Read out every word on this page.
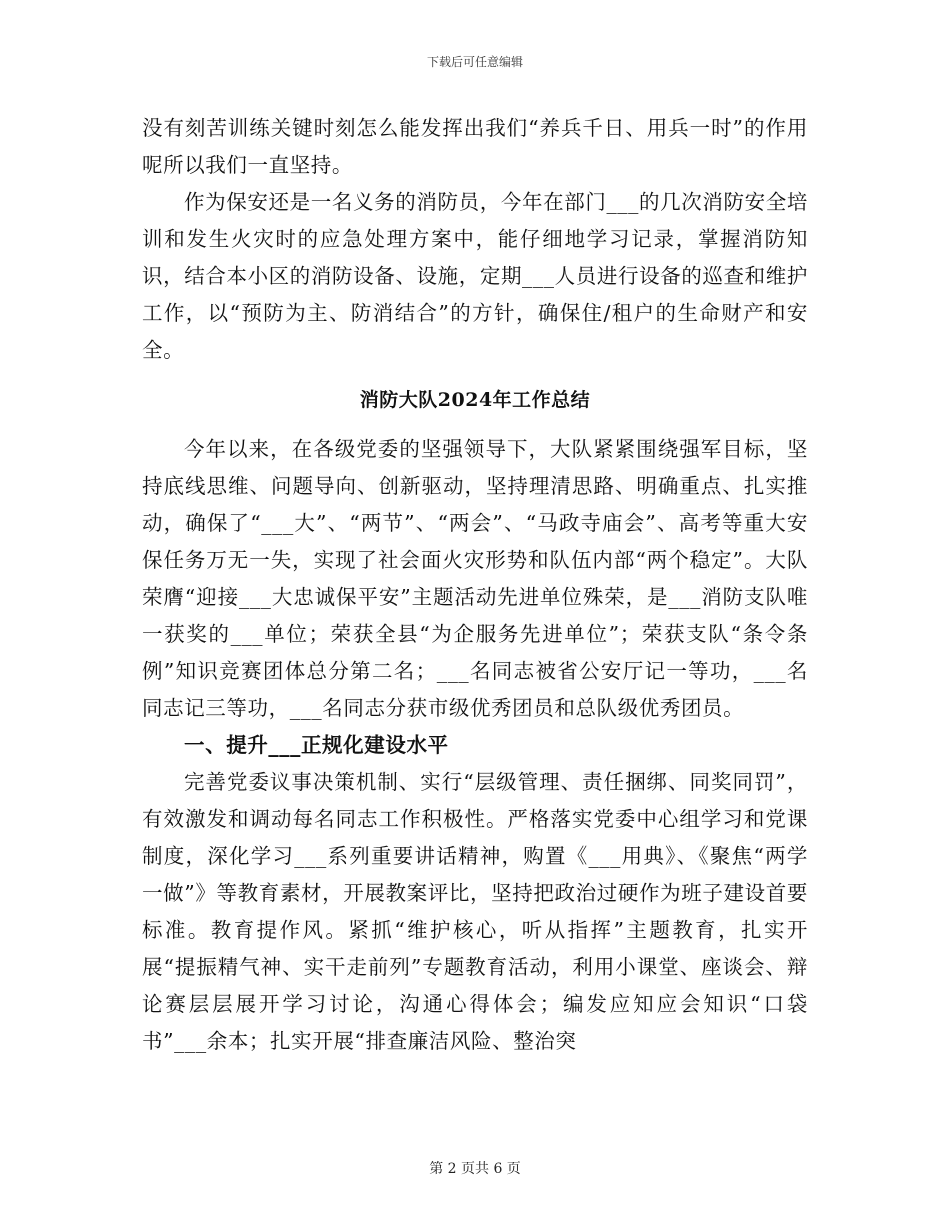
下载后可任意编辑

没有刻苦训练关键时刻怎么能发挥出我们“养兵千日、用兵一时”的作用呢所以我们一直坚持。

作为保安还是一名义务的消防员，今年在部门___的几次消防安全培训和发生火灾时的应急处理方案中，能仔细地学习记录，掌握消防知识，结合本小区的消防设备、设施，定期___人员进行设备的巡查和维护工作，以“预防为主、防消结合”的方针，确保住/租户的生命财产和安全。

消防大队2024年工作总结

今年以来，在各级党委的坚强领导下，大队紧紧围绕强军目标，坚持底线思维、问题导向、创新驱动，坚持理清思路、明确重点、扎实推动，确保了“___大”、“两节”、“两会”、“马政寺庙会”、高考等重大安保任务万无一失，实现了社会面火灾形势和队伍内部“两个稳定”。大队荣膺“迎接___大忠诚保平安”主题活动先进单位殊荣，是___消防支队唯一获奖的___单位；荣获全县“为企服务先进单位”；荣获支队“条令条例”知识竞赛团体总分第二名；___名同志被省公安厅记一等功，___名同志记三等功，___名同志分获市级优秀团员和总队级优秀团员。

一、提升___正规化建设水平

完善党委议事决策机制、实行“层级管理、责任捆绑、同奖同罚”，有效激发和调动每名同志工作积极性。严格落实党委中心组学习和党课制度，深化学习___系列重要讲话精神，购置《___用典》、《聚焦“两学一做”》等教育素材，开展教案评比，坚持把政治过硬作为班子建设首要标准。教育提作风。紧抓“维护核心，听从指挥”主题教育，扎实开展“提振精气神、实干走前列”专题教育活动，利用小课堂、座谈会、辩论赛层层展开学习讨论，沟通心得体会；编发应知应会知识“口袋书”___余本；扎实开展“排查廉洁风险、整治突

第 2 页共 6 页
